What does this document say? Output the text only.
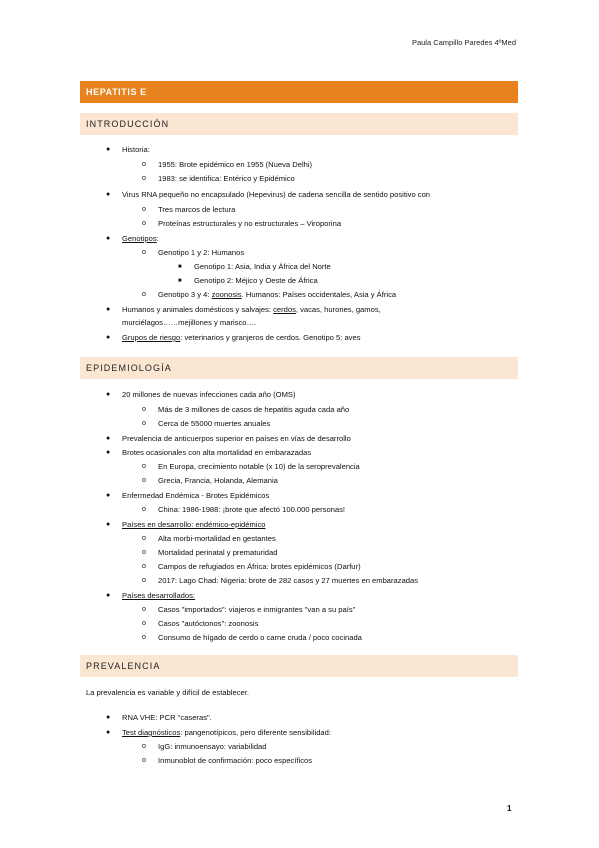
Paula Campillo Paredes 4ºMed
HEPATITIS E
INTRODUCCIÓN
● Historia:
o 1955: Brote epidémico en 1955 (Nueva Delhi)
o 1983: se identifica: Entérico y Epidémico
● Virus RNA pequeño no encapsulado (Hepevirus) de cadena sencilla de sentido positivo con
o Tres marcos de lectura
o Proteínas estructurales y no estructurales – Viroporina
● Genotipos:
o Genotipo 1 y 2: Humanos
■ Genotipo 1: Asia, India y África del Norte
■ Genotipo 2: Méjico y Oeste de África
o Genotipo 3 y 4: zoonosis. Humanos: Países occidentales, Asia y África
● Humanos y animales domésticos y salvajes: cerdos, vacas, hurones, gamos,
murciélagos……mejillones y marisco….
● Grupos de riesgo: veterinarios y granjeros de cerdos. Genotipo 5: aves
EPIDEMIOLOGÍA
● 20 millones de nuevas infecciones cada año (OMS)
o Más de 3 millones de casos de hepatitis aguda cada año
o Cerca de 55000 muertes anuales
● Prevalencia de anticuerpos superior en países en vías de desarrollo
● Brotes ocasionales con alta mortalidad en embarazadas
o En Europa, crecimiento notable (x 10) de la seroprevalencia
o Grecia, Francia, Holanda, Alemania
● Enfermedad Endémica - Brotes Epidémicos
o China: 1986-1988: ¡brote que afectó 100.000 personas!
● Países en desarrollo: endémico-epidémico
o Alta morbi-mortalidad en gestantes
o Mortalidad perinatal y prematuridad
o Campos de refugiados en África: brotes epidémicos (Darfur)
o 2017: Lago Chad: Nigeria: brote de 282 casos y 27 muertes en embarazadas
● Países desarrollados:
o Casos "importados": viajeros e inmigrantes "van a su país"
o Casos "autóctonos": zoonosis
o Consumo de hígado de cerdo o carne cruda / poco cocinada
PREVALENCIA
La prevalencia es variable y difícil de establecer.
● RNA VHE: PCR "caseras".
● Test diagnósticos: pangenotípicos, pero diferente sensibilidad:
o IgG: inmunoensayo: variabilidad
o Inmunoblot de confirmación: poco específicos
1
